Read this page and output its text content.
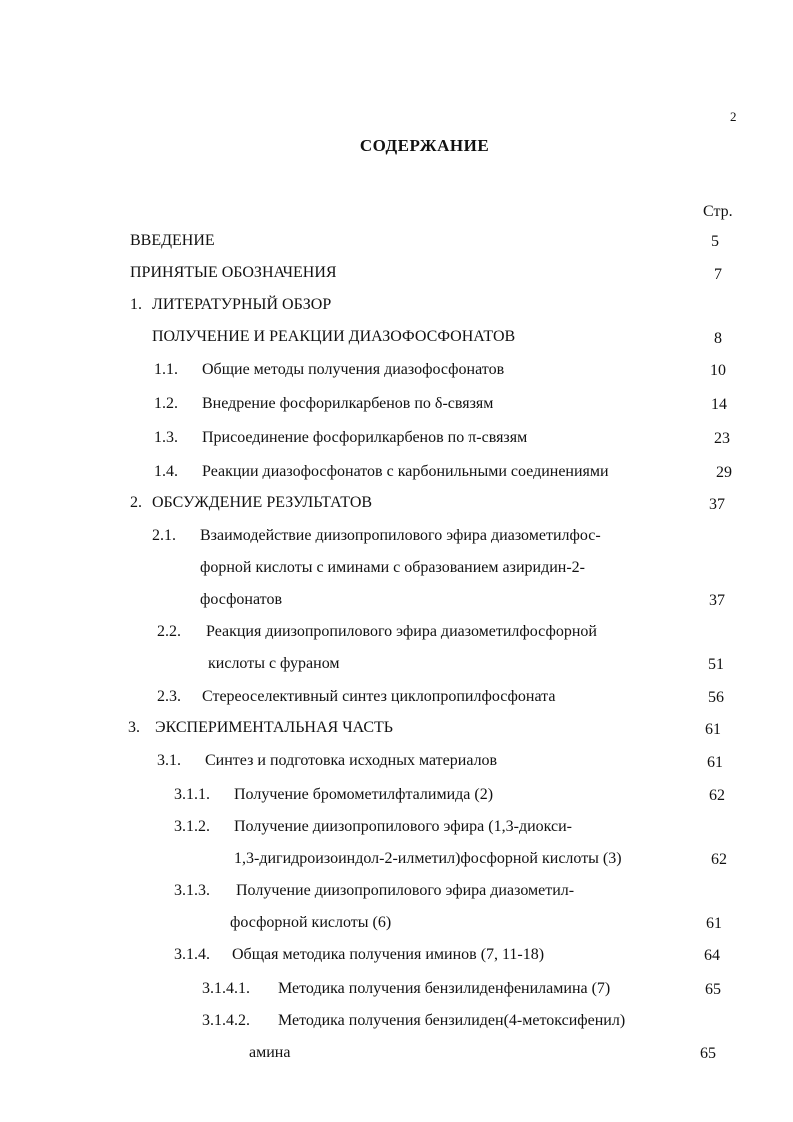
2
СОДЕРЖАНИЕ
Стр.
ВВЕДЕНИЕ	5
ПРИНЯТЫЕ ОБОЗНАЧЕНИЯ	7
1. ЛИТЕРАТУРНЫЙ ОБЗОР
ПОЛУЧЕНИЕ И РЕАКЦИИ ДИАЗОФОСФОНАТОВ	8
1.1. Общие методы получения диазофосфонатов	10
1.2. Внедрение фосфорилкарбенов по δ-связям	14
1.3. Присоединение фосфорилкарбенов по π-связям	23
1.4. Реакции диазофосфонатов с карбонильными соединениями	29
2. ОБСУЖДЕНИЕ РЕЗУЛЬТАТОВ	37
2.1. Взаимодействие диизопропилового эфира диазометилфос-
форной кислоты с иминами с образованием азиридин-2-
фосфонатов	37
2.2. Реакция диизопропилового эфира диазометилфосфорной
кислоты с фураном	51
2.3. Стереоселективный синтез циклопропилфосфоната	56
3. ЭКСПЕРИМЕНТАЛЬНАЯ ЧАСТЬ	61
3.1. Синтез и подготовка исходных материалов	61
3.1.1. Получение бромометилфталимида (2)	62
3.1.2. Получение диизопропилового эфира (1,3-диокси-
1,3-дигидроизоиндол-2-илметил)фосфорной кислоты (3)	62
3.1.3. Получение диизопропилового эфира диазометил-
фосфорной кислоты (6)	61
3.1.4. Общая методика получения иминов (7, 11-18)	64
3.1.4.1. Методика получения бензилиденфениламина (7)	65
3.1.4.2. Методика получения бензилиден(4-метоксифенил)
амина	65
